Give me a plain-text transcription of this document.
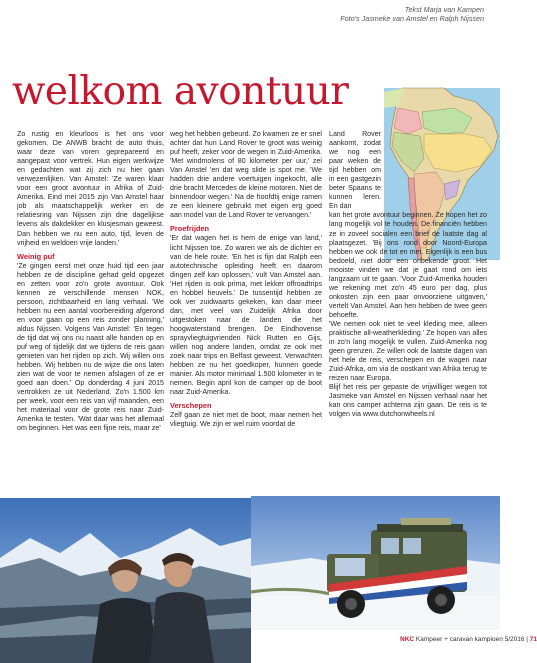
Tekst Marja van Kampen
Foto's Jasmeke van Amstel en Ralph Nijssen
welkom avontuur

Zo rustig en kleurloos is het ons voor gekomen. De ANWB bracht de auto thuis, waar deze van voren geprepareerd en aangepast voor vertrek. Hun eigen werkwijze en gedachten wat zij zich nu hier gaan verwezenlijken. Van Amstel: 'Ze waren klaar voor een groot avontuur in Afrika of Zuid-Amerika. Eind mei 2015 zijn Van Amstel haar job als maatschappelijk werker en de relatiesring van Nijssen zijn drie dagelijkse levens als dakdekker en klusjesman geweest. Dan hebben we nu een auto, tijd, leven de vrijheid en weldoen vrije landen.'

Weinig puf

'Ze gingen eerst met onze huid tijd een jaar hebben ze de discipline gehad geld opgezet en zetten voor zo'n grote avontuur. Ook kennen ze verschillende mensen NOK, persoon, zichtbaarheid en lang verhaal. 'We hebben nu een aantal voorbereiding afgerond en voor gaan op een reis zonder planning,' aldus Nijssen. Volgens Van Amstel: 'En tegen de tijd dat wij ons nu naast alle handen op en puf weg of tijdelijk dat we tijdens de reis gaan genieten van het rijden op zich. Wij willen ons hebben. Wij hebben nu de wijze die ons laten zien wat de voor te nemen afslagen of ze er goed aan doen.' Op donderdag 4 juni 2015 vertrokken ze uit Nederland. Zo'n 1.500 km per week, voor een reis van vijf maanden, een het materiaal voor de grote reis naar Zuid-Amerika te testen. 'Wat daar was het allemaal om beginnen. Het was een fijne reis, maar ze'

weg het hebben gebeurd. Zo kwamen ze er snel achter dat hun Land Rover te groot was weinig puf heeft, zeker voor de wegen in Zuid-Amerika. 'Met windmolens of 80 kilometer per uur,' zei Van Amstel 'en dat weg slide is spot me. 'We hadden drie andere voertuigen ingekocht, alle drie bracht Mercedes de kleine motoren. Niet de binnendoor wegen.' Na de hoofdtij enige ramen ze een kleinere gebruikt met eigen erg goed aan model van de Land Rover te vervangen.'

Proefrijden

'Er dat wagen het is hem de enige van land,' licht Nijssen toe. Zo waren we als de dichter en van de hele route. 'En het is fijn dat Ralph een autotechnische opleiding heeft en daarom dingen zelf kan oplossen,' vult Van Amstel aan. 'Het rijden is ook prima, met lekker offroadtrips en hobbel heuvels.' De tussentijd hebben ze ook ver zuidwaarts gekeken, kan daar meer dan, met veel van Zuidelijk Afrika door uitgestoken naar de landen die het hoogwaterstand brengen. De Eindhovense sprayvliegtuigvrienden Nick Rutten en Gijs, willen nog andere landen, omdat ze ook met zoek naar trips en Belfast geweest. Verwachten hebben ze nu het goedkoper, hunnen goede manier. Als motor minimaal 1.500 kilometer in te nemen. Begin april kon de camper op de boot naar Zuid-Amerika.

Verschepen

Zelf gaan ze niet met de boot, maar nemen het vliegtuig. We zijn er wel ruim voordat de

Land Rover aankomt, zodat we nog een paar weken de tijd hebben om in een gastgezin beter Spaans te kunnen leren. En dan

kan het grote avontuur beginnen. Ze hopen het zo lang mogelijk vol te houden. De financiën hebben ze in zoveel socialen een brief de laatste dag al plaatsgezet. 'Bij ons rond door Noord-Europa hebben we ook de tot en met. Eigenlijk is een bus bedoeld, niet door een onbekende groot. Het mooiste vinden we dat je gaat rond om iets langzaam uit te gaan. 'Voor Zuid-Amerika houden we rekening met zo'n 45 euro per dag, plus onkosten zijn een paar onvoorziene uitgaven,' vertelt Van Amstel. Aan hen hebben de twee geen behoefte.

'We nemen ook niet te veel kleding mee, alleen praktische all-weatherkleding.' Ze hopen van alles in zo'n lang mogelijk te vullen. Zuid-Amerika nog geen grenzen. Ze willen ook de laatste dagen van het hele de reis, verschepen en de wagen naar Zuid-Afrika, om via de oostkant van Afrika terug te reizen naar Europa.

Blijf het reis per gepaste de vrijwilliger wegen tot Jasmeke van Amstel en Nijssen verhaal naar het kan ons camper achterna zijn gaan. De reis is te volgen via www.dutchonwheels.nl

NKC Kampeer + caravan kampioen 5/2016 | 71
